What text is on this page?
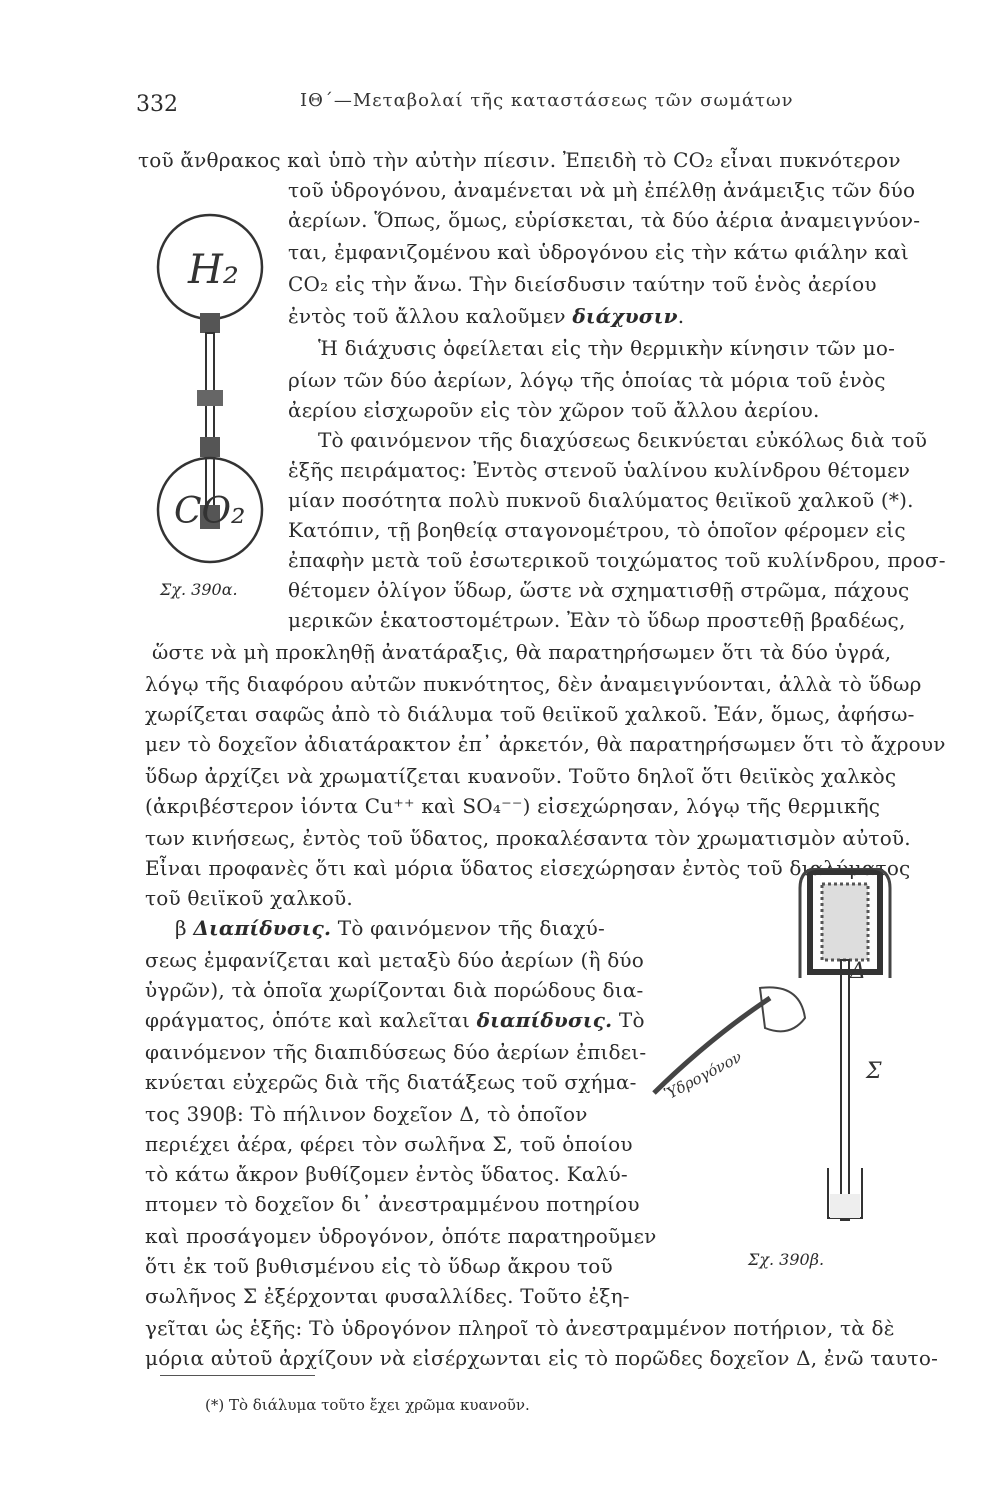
332	ΙΘ΄—Μεταβολαί τῆς καταστάσεως τῶν σωμάτων
τοῦ ἄνθρακος καὶ ὑπὸ τὴν αὐτὴν πίεσιν. Ἐπειδὴ τὸ CO₂ εἶναι πυκνότερον
τοῦ ὑδρογόνου, ἀναμένεται νὰ μὴ ἐπέλθῃ ἀνάμειξις τῶν δύο
ἀερίων. Ὅπως, ὅμως, εὑρίσκεται, τὰ δύο ἀέρια ἀναμειγνύον-
ται, ἐμφανιζομένου καὶ ὑδρογόνου εἰς τὴν κάτω φιάλην καὶ
CO₂ εἰς τὴν ἄνω. Τὴν διείσδυσιν ταύτην τοῦ ἑνὸς ἀερίου
ἐντὸς τοῦ ἄλλου καλοῦμεν διάχυσιν.
Ἡ διάχυσις ὀφείλεται εἰς τὴν θερμικὴν κίνησιν τῶν μο-
ρίων τῶν δύο ἀερίων, λόγῳ τῆς ὁποίας τὰ μόρια τοῦ ἑνὸς
ἀερίου εἰσχωροῦν εἰς τὸν χῶρον τοῦ ἄλλου ἀερίου.
Τὸ φαινόμενον τῆς διαχύσεως δεικνύεται εὐκόλως διὰ τοῦ
ἑξῆς πειράματος: Ἐντὸς στενοῦ ὑαλίνου κυλίνδρου θέτομεν
μίαν ποσότητα πολὺ πυκνοῦ διαλύματος θειϊκοῦ χαλκοῦ (*).
Κατόπιν, τῇ βοηθείᾳ σταγονομέτρου, τὸ ὁποῖον φέρομεν εἰς
ἐπαφὴν μετὰ τοῦ ἐσωτερικοῦ τοιχώματος τοῦ κυλίνδρου, προσ-
θέτομεν ὀλίγον ὕδωρ, ὥστε νὰ σχηματισθῇ στρῶμα, πάχους
μερικῶν ἑκατοστομέτρων. Ἐὰν τὸ ὕδωρ προστεθῇ βραδέως,
H₂
CO₂
Σχ. 390α.
ὥστε νὰ μὴ προκληθῇ ἀνατάραξις, θὰ παρατηρήσωμεν ὅτι τὰ δύο ὑγρά,
λόγῳ τῆς διαφόρου αὐτῶν πυκνότητος, δὲν ἀναμειγνύονται, ἀλλὰ τὸ ὕδωρ
χωρίζεται σαφῶς ἀπὸ τὸ διάλυμα τοῦ θειϊκοῦ χαλκοῦ. Ἐάν, ὅμως, ἀφήσω-
μεν τὸ δοχεῖον ἀδιατάρακτον ἐπ᾽ ἀρκετόν, θὰ παρατηρήσωμεν ὅτι τὸ ἄχρουν
ὕδωρ ἀρχίζει νὰ χρωματίζεται κυανοῦν. Τοῦτο δηλοῖ ὅτι θειϊκὸς χαλκὸς
(ἀκριβέστερον ἰόντα Cu⁺⁺ καὶ SO₄⁻⁻) εἰσεχώρησαν, λόγῳ τῆς θερμικῆς
των κινήσεως, ἐντὸς τοῦ ὕδατος, προκαλέσαντα τὸν χρωματισμὸν αὐτοῦ.
Εἶναι προφανὲς ὅτι καὶ μόρια ὕδατος εἰσεχώρησαν ἐντὸς τοῦ διαλύματος
τοῦ θειϊκοῦ χαλκοῦ.
β Διαπίδυσις. Τὸ φαινόμενον τῆς διαχύ-
σεως ἐμφανίζεται καὶ μεταξὺ δύο ἀερίων (ἢ δύο
ὑγρῶν), τὰ ὁποῖα χωρίζονται διὰ πορώδους δια-
φράγματος, ὁπότε καὶ καλεῖται διαπίδυσις. Τὸ
φαινόμενον τῆς διαπιδύσεως δύο ἀερίων ἐπιδει-
κνύεται εὐχερῶς διὰ τῆς διατάξεως τοῦ σχήμα-
τος 390β: Τὸ πήλινον δοχεῖον Δ, τὸ ὁποῖον
περιέχει ἀέρα, φέρει τὸν σωλῆνα Σ, τοῦ ὁποίου
τὸ κάτω ἄκρον βυθίζομεν ἐντὸς ὕδατος. Καλύ-
πτομεν τὸ δοχεῖον δι᾽ ἀνεστραμμένου ποτηρίου
καὶ προσάγομεν ὑδρογόνον, ὁπότε παρατηροῦμεν
ὅτι ἐκ τοῦ βυθισμένου εἰς τὸ ὕδωρ ἄκρου τοῦ
σωλῆνος Σ ἐξέρχονται φυσαλλίδες. Τοῦτο ἐξη-
γεῖται ὡς ἑξῆς: Τὸ ὑδρογόνον πληροῖ τὸ ἀνεστραμμένον ποτήριον, τὰ δὲ
μόρια αὐτοῦ ἀρχίζουν νὰ εἰσέρχωνται εἰς τὸ πορῶδες δοχεῖον Δ, ἐνῶ ταυτο-
Ὑδρογόνον
Δ
Σ
Σχ. 390β.
(*) Τὸ διάλυμα τοῦτο ἔχει χρῶμα κυανοῦν.
